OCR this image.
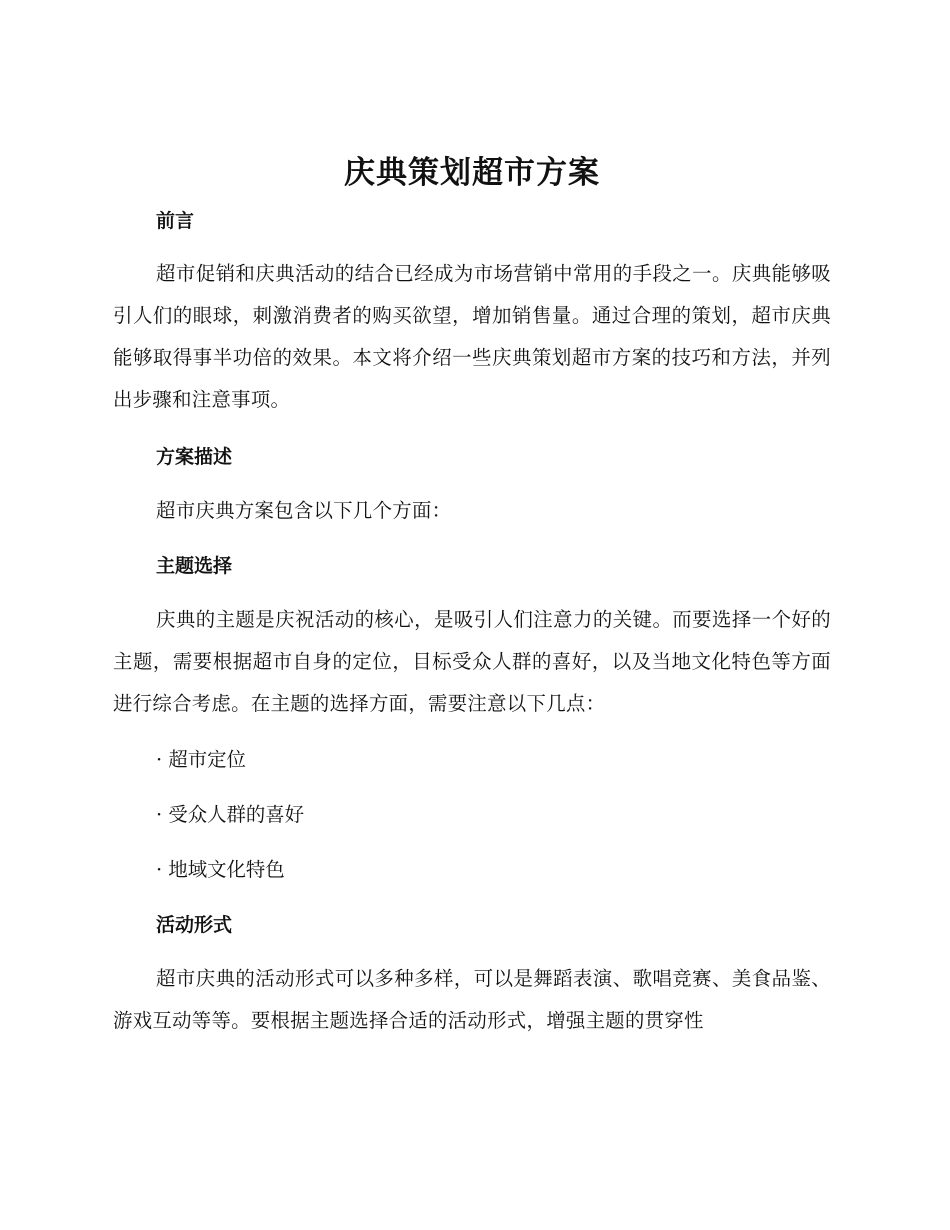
庆典策划超市方案
前言

超市促销和庆典活动的结合已经成为市场营销中常用的手段之一。庆典能够吸引人们的眼球，刺激消费者的购买欲望，增加销售量。通过合理的策划，超市庆典能够取得事半功倍的效果。本文将介绍一些庆典策划超市方案的技巧和方法，并列出步骤和注意事项。

方案描述

超市庆典方案包含以下几个方面：

主题选择

庆典的主题是庆祝活动的核心，是吸引人们注意力的关键。而要选择一个好的主题，需要根据超市自身的定位，目标受众人群的喜好，以及当地文化特色等方面进行综合考虑。在主题的选择方面，需要注意以下几点：

· 超市定位

· 受众人群的喜好

· 地域文化特色

活动形式

超市庆典的活动形式可以多种多样，可以是舞蹈表演、歌唱竞赛、美食品鉴、游戏互动等等。要根据主题选择合适的活动形式，增强主题的贯穿性
